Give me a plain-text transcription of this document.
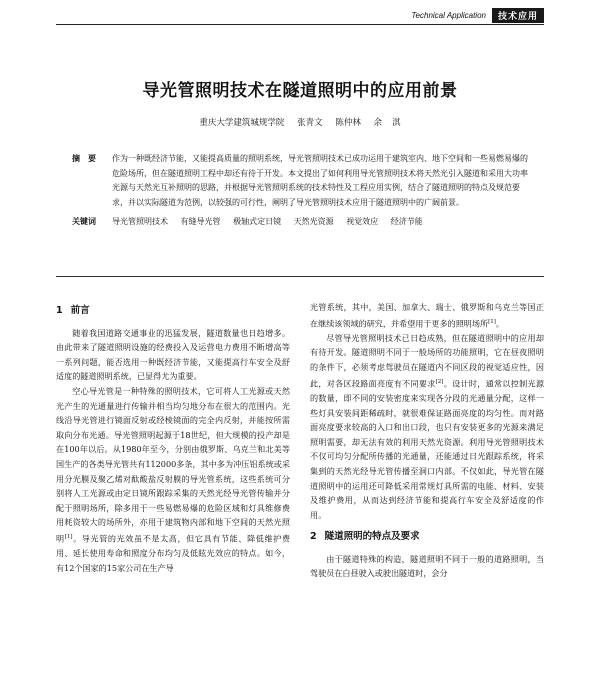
Technical Application	技术应用
导光管照明技术在隧道照明中的应用前景
重庆大学建筑城规学院 张青文 陈仲林 余 淇
摘　要	作为一种既经济节能，又能提高质量的照明系统，导光管照明技术已成功运用于建筑室内、地下空间和一些易燃易爆的危险场所，但在隧道照明工程中却还有待于开发。本文提出了如何利用导光管照明技术将天然光引入隧道和采用大功率光源与天然光互补照明的思路，并根据导光管照明系统的技术特性及工程应用实例，结合了隧道照明的特点及规范要求，并以实际隧道为范例，以较强的可行性，阐明了导光管照明技术应用于隧道照明中的广阔前景。
关键词	导光管照明技术 有缝导光管 极轴式定日镜 天然光资源 视觉效应 经济节能
1 前言

随着我国道路交通事业的迅猛发展，隧道数量也日趋增多。由此带来了隧道照明设施的经费投入及运营电力费用不断增高等一系列问题，能否选用一种既经济节能，又能提高行车安全及舒适度的隧道照明系统，已显得尤为重要。

空心导光管是一种特殊的照明技术，它可将人工光源或天然光产生的光通量进行传输并相当均匀地分布在很大的范围内。光线沿导光管进行镜面反射或经棱镜面的完全内反射，并能按所需取向分布光通。导光管照明起源于18世纪，但大规模的投产却是在100年以后。从1980年至今，分别由俄罗斯、乌克兰和北美等国生产的各类导光管共有112000多条，其中多为冲压铝系统或采用分光膜及聚乙烯对酞酸盐反射膜的导光管系统，这些系统可分别将人工光源或由定日镜所跟踪采集的天然光经导光管传输并分配于照明场所，除多用于一些易燃易爆的危险区域和灯具维修费用耗资较大的场所外，亦用于建筑物内部和地下空间的天然光照明[1]。导光管的光效虽不是太高，但它具有节能、降低维护费用、延长使用寿命和照度分布均匀及低眩光效应的特点。如今，有12个国家的15家公司在生产导

光管系统，其中，美国、加拿大、瑞士、俄罗斯和乌克兰等国正在继续该领域的研究，并希望用于更多的照明场所[1]。

尽管导光管照明技术已日趋成熟，但在隧道照明中的应用却有待开发。隧道照明不同于一般场所的功能照明，它在昼夜照明的条件下，必须考虑驾驶员在隧道内不同区段的视觉适应性，因此，对各区段路面亮度有不同要求[2]。设计时，通常以控制光源的数量，即不同的安装密度来实现各分段的光通量分配，这样一些灯具安装间距稀疏时，就很难保证路面亮度的均匀性。而对路面亮度要求较高的入口和出口段，也只有安装更多的光源来满足照明需要，却无法有效的利用天然光资源。利用导光管照明技术不仅可均匀分配所传播的光通量，还能通过日光跟踪系统，将采集到的天然光经导光管传播至洞口内部。不仅如此，导光管在隧道照明中的运用还可降低采用常规灯具所需的电能、材料、安装及维护费用，从而达到经济节能和提高行车安全及舒适度的作用。

2 隧道照明的特点及要求

由于隧道特殊的构造，隧道照明不同于一般的道路照明，当驾驶员在白昼驶入或驶出隧道时，会分
